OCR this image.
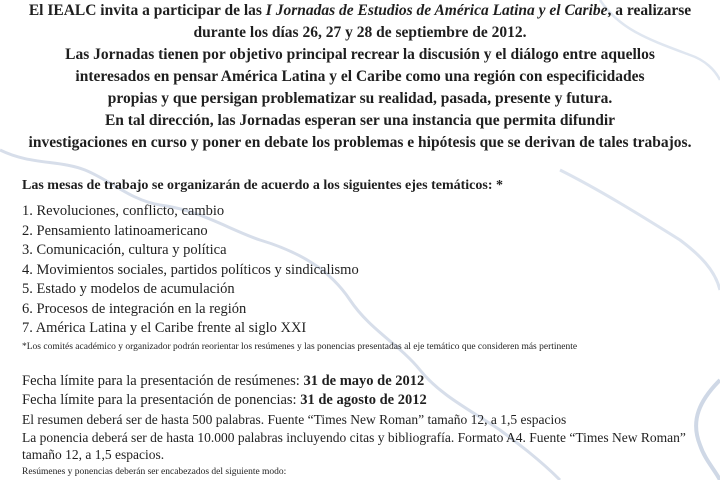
El IEALC invita a participar de las I Jornadas de Estudios de América Latina y el Caribe, a realizarse

durante los días 26, 27 y 28 de septiembre de 2012.

Las Jornadas tienen por objetivo principal recrear la discusión y el diálogo entre aquellos

interesados en pensar América Latina y el Caribe como una región con especificidades

propias y que persigan problematizar su realidad, pasada, presente y futura.

En tal dirección, las Jornadas esperan ser una instancia que permita difundir

investigaciones en curso y poner en debate los problemas e hipótesis que se derivan de tales trabajos.

Las mesas de trabajo se organizarán de acuerdo a los siguientes ejes temáticos: *
1. Revoluciones, conflicto, cambio
2. Pensamiento latinoamericano
3. Comunicación, cultura y política
4. Movimientos sociales, partidos políticos y sindicalismo
5. Estado y modelos de acumulación
6. Procesos de integración en la región
7. América Latina y el Caribe frente al siglo XXI
*Los comités académico y organizador podrán reorientar los resúmenes y las ponencias presentadas al eje temático que consideren más pertinente
Fecha límite para la presentación de resúmenes: 31 de mayo de 2012
Fecha límite para la presentación de ponencias: 31 de agosto de 2012
El resumen deberá ser de hasta 500 palabras. Fuente “Times New Roman” tamaño 12, a 1,5 espacios
La ponencia deberá ser de hasta 10.000 palabras incluyendo citas y bibliografía. Formato A4. Fuente “Times New Roman”
tamaño 12, a 1,5 espacios.
Resúmenes y ponencias deberán ser encabezados del siguiente modo:
